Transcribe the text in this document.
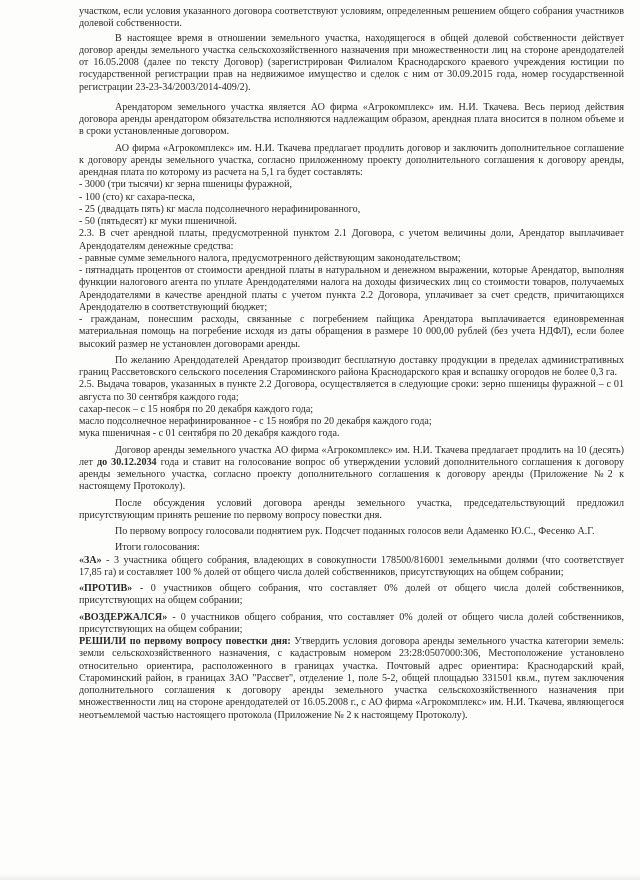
участком, если условия указанного договора соответствуют условиям, определенным решением общего собрания участников долевой собственности.

В настоящее время в отношении земельного участка, находящегося в общей долевой собственности действует договор аренды земельного участка сельскохозяйственного назначения при множественности лиц на стороне арендодателей от 16.05.2008 (далее по тексту Договор) (зарегистрирован Филиалом Краснодарского краевого учреждения юстиции по государственной регистрации прав на недвижимое имущество и сделок с ним от 30.09.2015 года, номер государственной регистрации 23-23-34/2003/2014-409/2).

Арендатором земельного участка является АО фирма «Агрокомплекс» им. Н.И. Ткачева. Весь период действия договора аренды арендатором обязательства исполняются надлежащим образом, арендная плата вносится в полном объеме и в сроки установленные договором.

АО фирма «Агрокомплекс» им. Н.И. Ткачева предлагает продлить договор и заключить дополнительное соглашение к договору аренды земельного участка, согласно приложенному проекту дополнительного соглашения к договору аренды, арендная плата по которому из расчета на 5,1 га будет составлять:

- 3000 (три тысячи) кг зерна пшеницы фуражной,

- 100 (сто) кг сахара-песка,

- 25 (двадцать пять) кг масла подсолнечного нерафинированного,

- 50 (пятьдесят) кг муки пшеничной.

2.3. В счет арендной платы, предусмотренной пунктом 2.1 Договора, с учетом величины доли, Арендатор выплачивает Арендодателям денежные средства:

- равные сумме земельного налога, предусмотренного действующим законодательством;

- пятнадцать процентов от стоимости арендной платы в натуральном и денежном выражении, которые Арендатор, выполняя функции налогового агента по уплате Арендодателями налога на доходы физических лиц со стоимости товаров, получаемых Арендодателями в качестве арендной платы с учетом пункта 2.2 Договора, уплачивает за счет средств, причитающихся Арендодателю в соответствующий бюджет;

- гражданам, понесшим расходы, связанные с погребением пайщика Арендатора выплачивается единовременная материальная помощь на погребение исходя из даты обращения в размере 10 000,00 рублей (без учета НДФЛ), если более высокий размер не установлен договорами аренды.

По желанию Арендодателей Арендатор производит бесплатную доставку продукции в пределах административных границ Рассветовского сельского поселения Староминского района Краснодарского края и вспашку огородов не более 0,3 га.

2.5. Выдача товаров, указанных в пункте 2.2 Договора, осуществляется в следующие сроки: зерно пшеницы фуражной – с 01 августа по 30 сентября каждого года;

сахар-песок – с 15 ноября по 20 декабря каждого года;

масло подсолнечное нерафинированное - с 15 ноября по 20 декабря каждого года;

мука пшеничная - с 01 сентября по 20 декабря каждого года.

Договор аренды земельного участка АО фирма «Агрокомплекс» им. Н.И. Ткачева предлагает продлить на 10 (десять) лет до 30.12.2034 года и ставит на голосование вопрос об утверждении условий дополнительного соглашения к договору аренды земельного участка, согласно проекту дополнительного соглашения к договору аренды (Приложение №2 к настоящему Протоколу).

После обсуждения условий договора аренды земельного участка, председательствующий предложил присутствующим принять решение по первому вопросу повестки дня.

По первому вопросу голосовали поднятием рук. Подсчет поданных голосов вели Адаменко Ю.С., Фесенко А.Г.

Итоги голосования:

«ЗА» - 3 участника общего собрания, владеющих в совокупности 178500/816001 земельными долями (что соответствует 17,85 га) и составляет 100 % долей от общего числа долей собственников, присутствующих на общем собрании;

«ПРОТИВ» - 0 участников общего собрания, что составляет 0% долей от общего числа долей собственников, присутствующих на общем собрании;

«ВОЗДЕРЖАЛСЯ» - 0 участников общего собрания, что составляет 0% долей от общего числа долей собственников, присутствующих на общем собрании;

РЕШИЛИ по первому вопросу повестки дня: Утвердить условия договора аренды земельного участка категории земель: земли сельскохозяйственного назначения, с кадастровым номером 23:28:0507000:306, Местоположение установлено относительно ориентира, расположенного в границах участка. Почтовый адрес ориентира: Краснодарский край, Староминский район, в границах ЗАО "Рассвет", отделение 1, поле 5-2, общей площадью 331501 кв.м., путем заключения дополнительного соглашения к договору аренды земельного участка сельскохозяйственного назначения при множественности лиц на стороне арендодателей от 16.05.2008 г., с АО фирма «Агрокомплекс» им. Н.И. Ткачева, являющегося неотъемлемой частью настоящего протокола (Приложение № 2 к настоящему Протоколу).
